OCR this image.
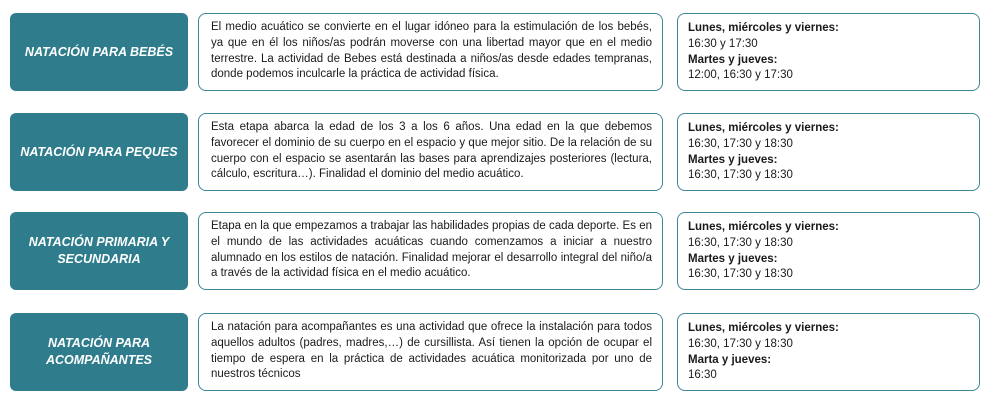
NATACIÓN PARA BEBÉS
El medio acuático se convierte en el lugar idóneo para la estimulación de los bebés, ya que en él los niños/as podrán moverse con una libertad mayor que en el medio terrestre. La actividad de Bebes está destinada a niños/as desde edades tempranas, donde podemos inculcarle la práctica de actividad física.
Lunes, miércoles y viernes:
16:30 y 17:30
Martes y jueves:
12:00, 16:30 y 17:30
NATACIÓN PARA PEQUES
Esta etapa abarca la edad de los 3 a los 6 años. Una edad en la que debemos favorecer el dominio de su cuerpo en el espacio y que mejor sitio. De la relación de su cuerpo con el espacio se asentarán las bases para aprendizajes posteriores (lectura, cálculo, escritura…). Finalidad el dominio del medio acuático.
Lunes, miércoles y viernes:
16:30, 17:30 y 18:30
Martes y jueves:
16:30, 17:30 y 18:30
NATACIÓN PRIMARIA Y SECUNDARIA
Etapa en la que empezamos a trabajar las habilidades propias de cada deporte. Es en el mundo de las actividades acuáticas cuando comenzamos a iniciar a nuestro alumnado en los estilos de natación. Finalidad mejorar el desarrollo integral del niño/a a través de la actividad física en el medio acuático.
Lunes, miércoles y viernes:
16:30, 17:30 y 18:30
Martes y jueves:
16:30, 17:30 y 18:30
NATACIÓN PARA ACOMPAÑANTES
La natación para acompañantes es una actividad que ofrece la instalación para todos aquellos adultos (padres, madres,…) de cursillista. Así tienen la opción de ocupar el tiempo de espera en la práctica de actividades acuática monitorizada por uno de nuestros técnicos
Lunes, miércoles y viernes:
16:30, 17:30 y 18:30
Marta y jueves:
16:30
